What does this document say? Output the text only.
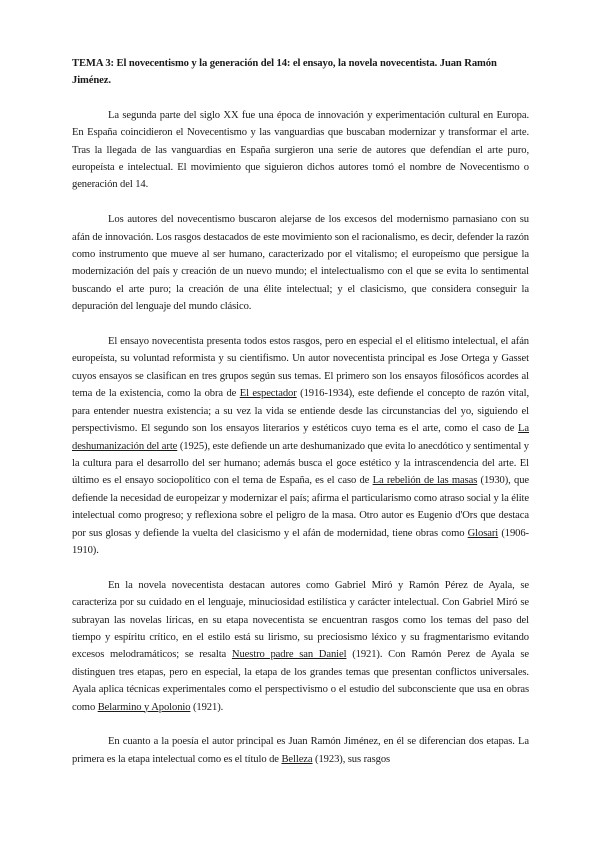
TEMA 3: El novecentismo y la generación del 14: el ensayo, la novela novecentista. Juan Ramón Jiménez.

La segunda parte del siglo XX fue una época de innovación y experimentación cultural en Europa. En España coincidieron el Novecentismo y las vanguardias que buscaban modernizar y transformar el arte. Tras la llegada de las vanguardias en España surgieron una serie de autores que defendían el arte puro, europeísta e intelectual. El movimiento que siguieron dichos autores tomó el nombre de Novecentismo o generación del 14.

Los autores del novecentismo buscaron alejarse de los excesos del modernismo parnasiano con su afán de innovación. Los rasgos destacados de este movimiento son el racionalismo, es decir, defender la razón como instrumento que mueve al ser humano, caracterizado por el vitalismo; el europeísmo que persigue la modernización del país y creación de un nuevo mundo; el intelectualismo con el que se evita lo sentimental buscando el arte puro; la creación de una élite intelectual; y el clasicismo, que considera conseguir la depuración del lenguaje del mundo clásico.

El ensayo novecentista presenta todos estos rasgos, pero en especial el el elitismo intelectual, el afán europeísta, su voluntad reformista y su cientifismo. Un autor novecentista principal es Jose Ortega y Gasset cuyos ensayos se clasifican en tres grupos según sus temas. El primero son los ensayos filosóficos acordes al tema de la existencia, como la obra de El espectador (1916-1934), este defiende el concepto de razón vital, para entender nuestra existencia; a su vez la vida se entiende desde las circunstancias del yo, siguiendo el perspectivismo. El segundo son los ensayos literarios y estéticos cuyo tema es el arte, como el caso de La deshumanización del arte (1925), este defiende un arte deshumanizado que evita lo anecdótico y sentimental y la cultura para el desarrollo del ser humano; además busca el goce estético y la intrascendencia del arte. El último es el ensayo sociopolítico con el tema de España, es el caso de La rebelión de las masas (1930), que defiende la necesidad de europeizar y modernizar el país; afirma el particularismo como atraso social y la élite intelectual como progreso; y reflexiona sobre el peligro de la masa. Otro autor es Eugenio d'Ors que destaca por sus glosas y defiende la vuelta del clasicismo y el afán de modernidad, tiene obras como Glosari (1906-1910).

En la novela novecentista destacan autores como Gabriel Miró y Ramón Pérez de Ayala, se caracteriza por su cuidado en el lenguaje, minuciosidad estilística y carácter intelectual. Con Gabriel Miró se subrayan las novelas líricas, en su etapa novecentista se encuentran rasgos como los temas del paso del tiempo y espíritu crítico, en el estilo está su lirismo, su preciosismo léxico y su fragmentarismo evitando excesos melodramáticos; se resalta Nuestro padre san Daniel (1921). Con Ramón Perez de Ayala se distinguen tres etapas, pero en especial, la etapa de los grandes temas que presentan conflictos universales. Ayala aplica técnicas experimentales como el perspectivismo o el estudio del subconsciente que usa en obras como Belarmino y Apolonio (1921).

En cuanto a la poesía el autor principal es Juan Ramón Jiménez, en él se diferencian dos etapas. La primera es la etapa intelectual como es el título de Belleza (1923), sus rasgos
